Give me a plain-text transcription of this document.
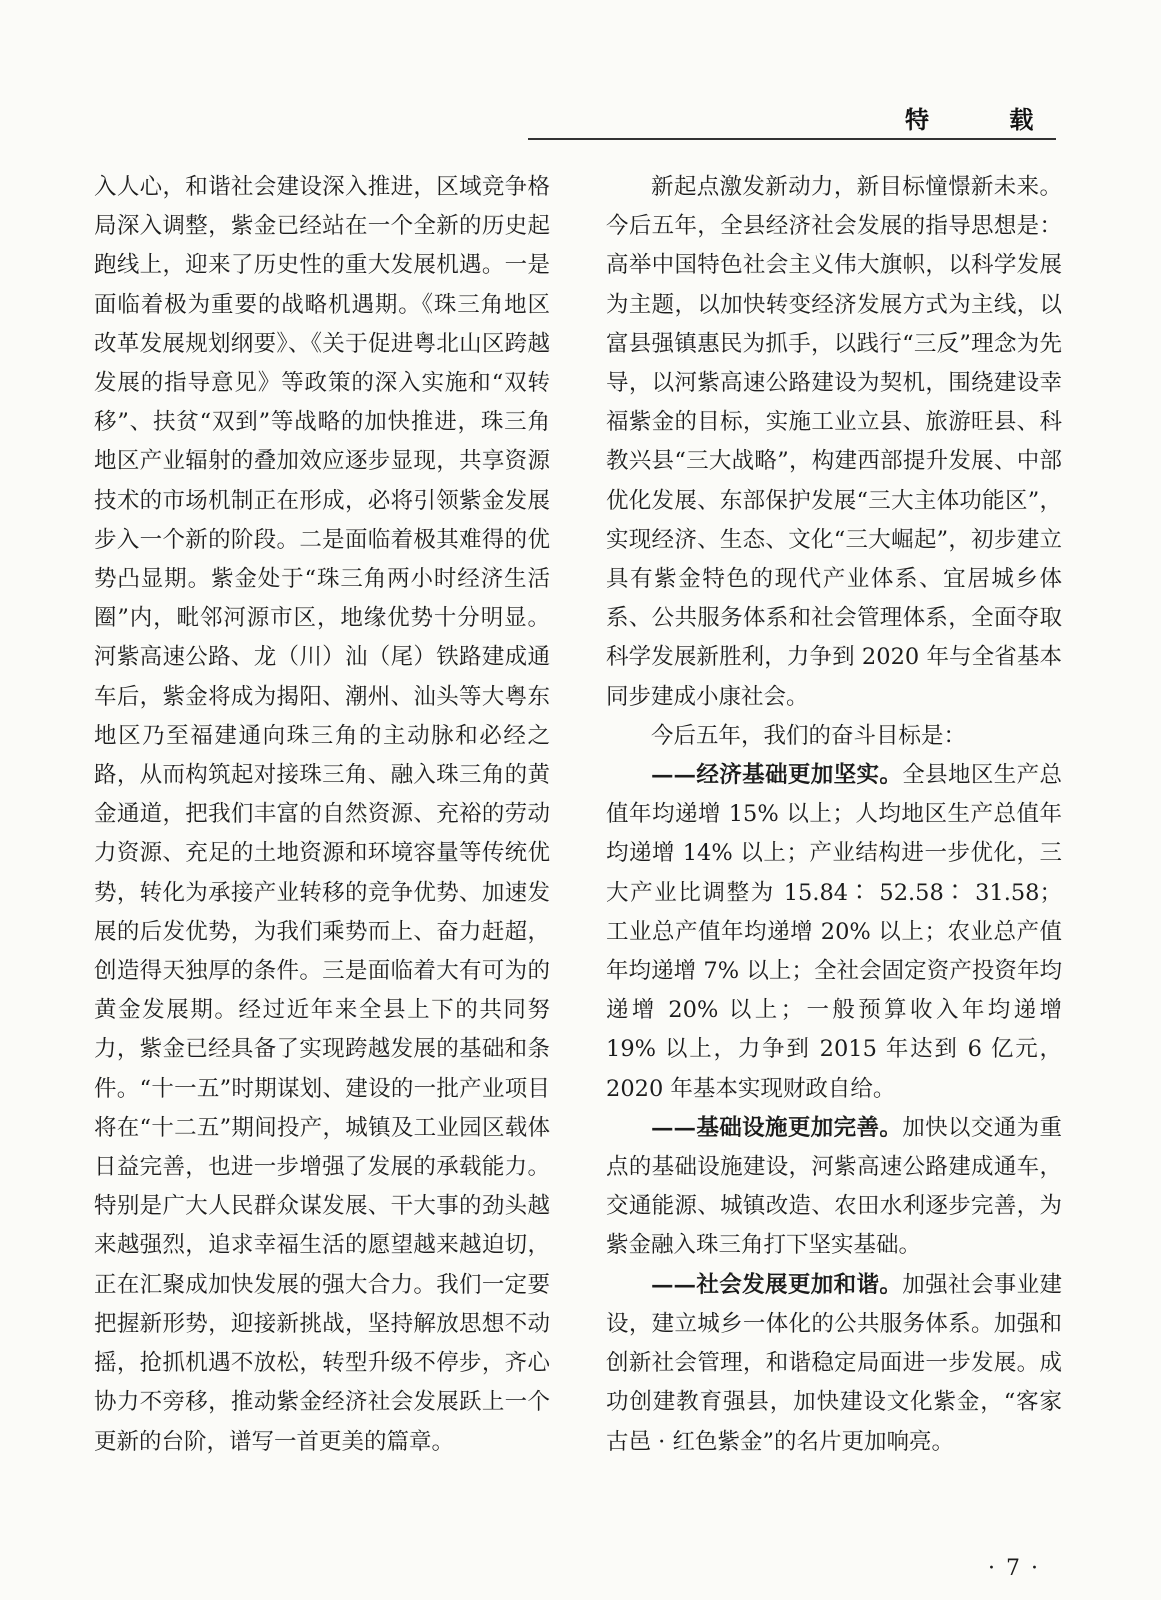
特 载

入人心，和谐社会建设深入推进，区域竞争格局深入调整，紫金已经站在一个全新的历史起跑线上，迎来了历史性的重大发展机遇。一是面临着极为重要的战略机遇期。《珠三角地区改革发展规划纲要》、《关于促进粤北山区跨越发展的指导意见》等政策的深入实施和“双转移”、扶贫“双到”等战略的加快推进，珠三角地区产业辐射的叠加效应逐步显现，共享资源技术的市场机制正在形成，必将引领紫金发展步入一个新的阶段。二是面临着极其难得的优势凸显期。紫金处于“珠三角两小时经济生活圈”内，毗邻河源市区，地缘优势十分明显。河紫高速公路、龙（川）汕（尾）铁路建成通车后，紫金将成为揭阳、潮州、汕头等大粤东地区乃至福建通向珠三角的主动脉和必经之路，从而构筑起对接珠三角、融入珠三角的黄金通道，把我们丰富的自然资源、充裕的劳动力资源、充足的土地资源和环境容量等传统优势，转化为承接产业转移的竞争优势、加速发展的后发优势，为我们乘势而上、奋力赶超，创造得天独厚的条件。三是面临着大有可为的黄金发展期。经过近年来全县上下的共同努力，紫金已经具备了实现跨越发展的基础和条件。“十一五”时期谋划、建设的一批产业项目将在“十二五”期间投产，城镇及工业园区载体日益完善，也进一步增强了发展的承载能力。特别是广大人民群众谋发展、干大事的劲头越来越强烈，追求幸福生活的愿望越来越迫切，正在汇聚成加快发展的强大合力。我们一定要把握新形势，迎接新挑战，坚持解放思想不动摇，抢抓机遇不放松，转型升级不停步，齐心协力不旁移，推动紫金经济社会发展跃上一个更新的台阶，谱写一首更美的篇章。

新起点激发新动力，新目标憧憬新未来。今后五年，全县经济社会发展的指导思想是：高举中国特色社会主义伟大旗帜，以科学发展为主题，以加快转变经济发展方式为主线，以富县强镇惠民为抓手，以践行“三反”理念为先导，以河紫高速公路建设为契机，围绕建设幸福紫金的目标，实施工业立县、旅游旺县、科教兴县“三大战略”，构建西部提升发展、中部优化发展、东部保护发展“三大主体功能区”，实现经济、生态、文化“三大崛起”，初步建立具有紫金特色的现代产业体系、宜居城乡体系、公共服务体系和社会管理体系，全面夺取科学发展新胜利，力争到 2020 年与全省基本同步建成小康社会。

今后五年，我们的奋斗目标是：

——经济基础更加坚实。全县地区生产总值年均递增 15% 以上；人均地区生产总值年均递增 14% 以上；产业结构进一步优化，三大产业比调整为 15.84∶ 52.58∶ 31.58；工业总产值年均递增 20% 以上；农业总产值年均递增 7% 以上；全社会固定资产投资年均递增 20% 以上；一般预算收入年均递增 19% 以上，力争到 2015 年达到 6 亿元，2020 年基本实现财政自给。

——基础设施更加完善。加快以交通为重点的基础设施建设，河紫高速公路建成通车，交通能源、城镇改造、农田水利逐步完善，为紫金融入珠三角打下坚实基础。

——社会发展更加和谐。加强社会事业建设，建立城乡一体化的公共服务体系。加强和创新社会管理，和谐稳定局面进一步发展。成功创建教育强县，加快建设文化紫金，“客家古邑 · 红色紫金”的名片更加响亮。

· 7 ·
